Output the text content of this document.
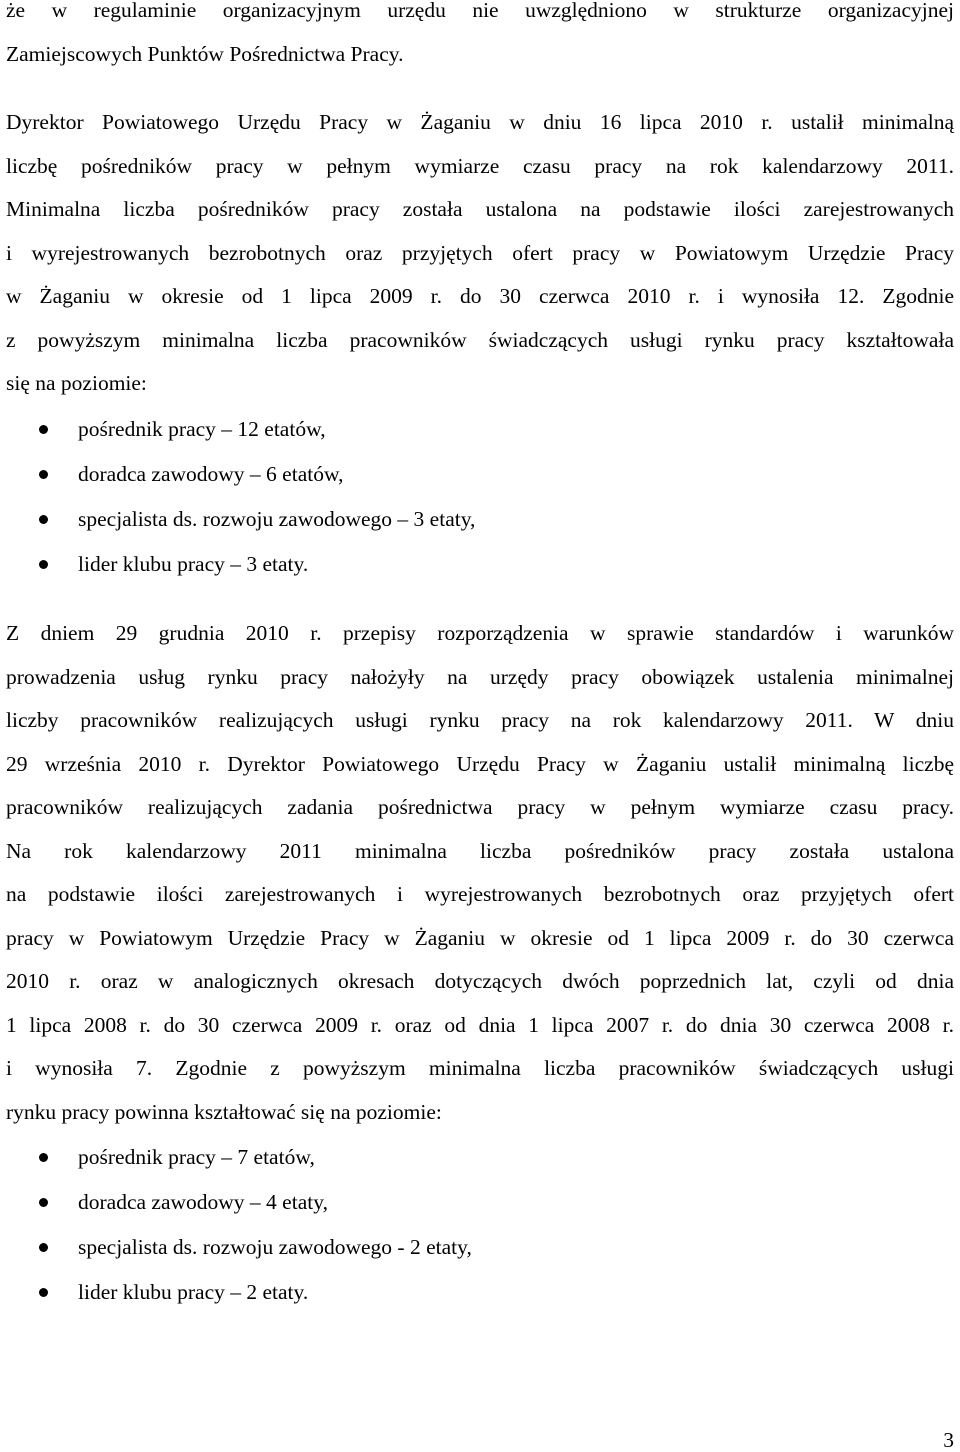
że w regulaminie organizacyjnym urzędu nie uwzględniono w strukturze organizacyjnej
Zamiejscowych Punktów Pośrednictwa Pracy.
Dyrektor Powiatowego Urzędu Pracy w Żaganiu w dniu 16 lipca 2010 r. ustalił minimalną
liczbę pośredników pracy w pełnym wymiarze czasu pracy na rok kalendarzowy 2011.
Minimalna liczba pośredników pracy została ustalona na podstawie ilości zarejestrowanych
i wyrejestrowanych bezrobotnych oraz przyjętych ofert pracy w Powiatowym Urzędzie Pracy
w Żaganiu w okresie od 1 lipca 2009 r. do 30 czerwca 2010 r. i wynosiła 12. Zgodnie
z powyższym minimalna liczba pracowników świadczących usługi rynku pracy kształtowała
się na poziomie:
pośrednik pracy – 12 etatów,
doradca zawodowy – 6 etatów,
specjalista ds. rozwoju zawodowego – 3 etaty,
lider klubu pracy – 3 etaty.
Z dniem 29 grudnia 2010 r. przepisy rozporządzenia w sprawie standardów i warunków
prowadzenia usług rynku pracy nałożyły na urzędy pracy obowiązek ustalenia minimalnej
liczby pracowników realizujących usługi rynku pracy na rok kalendarzowy 2011. W dniu
29 września 2010 r. Dyrektor Powiatowego Urzędu Pracy w Żaganiu ustalił minimalną liczbę
pracowników realizujących zadania pośrednictwa pracy w pełnym wymiarze czasu pracy.
Na rok kalendarzowy 2011 minimalna liczba pośredników pracy została ustalona
na podstawie ilości zarejestrowanych i wyrejestrowanych bezrobotnych oraz przyjętych ofert
pracy w Powiatowym Urzędzie Pracy w Żaganiu w okresie od 1 lipca 2009 r. do 30 czerwca
2010 r. oraz w analogicznych okresach dotyczących dwóch poprzednich lat, czyli od dnia
1 lipca 2008 r. do 30 czerwca 2009 r. oraz od dnia 1 lipca 2007 r. do dnia 30 czerwca 2008 r.
i wynosiła 7. Zgodnie z powyższym minimalna liczba pracowników świadczących usługi
rynku pracy powinna kształtować się na poziomie:
pośrednik pracy – 7 etatów,
doradca zawodowy – 4 etaty,
specjalista ds. rozwoju zawodowego - 2 etaty,
lider klubu pracy – 2 etaty.
3
